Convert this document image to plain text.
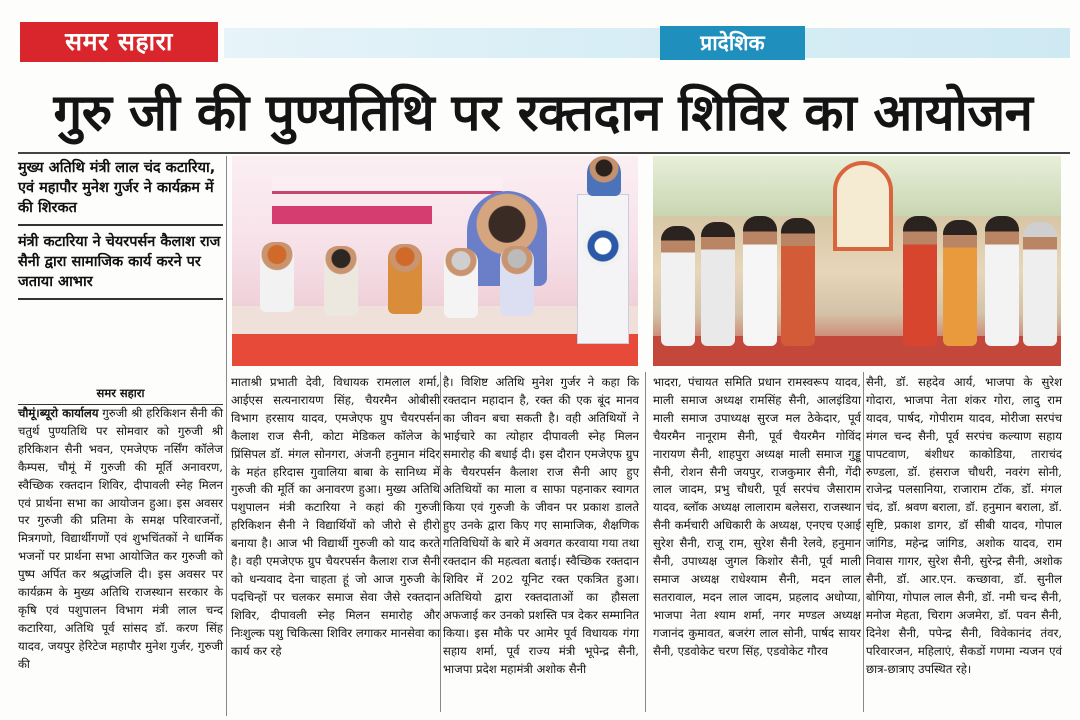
समर सहारा	प्रादेशिक
गुरु जी की पुण्यतिथि पर रक्तदान शिविर का आयोजन
मुख्य अतिथि मंत्री लाल चंद कटारिया, एवं महापौर मुनेश गुर्जर ने कार्यक्रम में की शिरकत
मंत्री कटारिया ने चेयरपर्सन कैलाश राज सैनी द्वारा सामाजिक कार्य करने पर जताया आभार
समर सहारा
चौमूं।ब्यूरो कार्यालय गुरुजी श्री हरिकिशन सैनी की चतुर्थ पुण्यतिथि पर सोमवार को गुरुजी श्री हरिकिशन सैनी भवन, एमजेएफ नर्सिंग कॉलेज कैम्पस, चौमूं में गुरुजी की मूर्ति अनावरण, स्वैच्छिक रक्तदान शिविर, दीपावली स्नेह मिलन एवं प्रार्थना सभा का आयोजन हुआ। इस अवसर पर गुरुजी की प्रतिमा के समक्ष परिवारजनों, मित्रगणो, विद्यार्थीगणों एवं शुभचिंतकों ने धार्मिक भजनों पर प्रार्थना सभा आयोजित कर गुरुजी को पुष्प अर्पित कर श्रद्धांजलि दी। इस अवसर पर कार्यक्रम के मुख्य अतिथि राजस्थान सरकार के कृषि एवं पशुपालन विभाग मंत्री लाल चन्द कटारिया, अतिथि पूर्व सांसद डॉ. करण सिंह यादव, जयपुर हेरिटेज महापौर मुनेश गुर्जर, गुरुजी की
माताश्री प्रभाती देवी, विधायक रामलाल शर्मा, आईएस सत्यनारायण सिंह, चैयरमैन ओबीसी विभाग हरसाय यादव, एमजेएफ ग्रुप चैयरपर्सन कैलाश राज सैनी, कोटा मेडिकल कॉलेज के प्रिंसिपल डॉ. मंगल सोनगरा, अंजनी हनुमान मंदिर के महंत हरिदास गुवालिया बाबा के सानिध्य में गुरुजी की मूर्ति का अनावरण हुआ। मुख्य अतिथि पशुपालन मंत्री कटारिया ने कहां की गुरुजी हरिकिशन सैनी ने विद्यार्थियों को जीरो से हीरो बनाया है। आज भी विद्यार्थी गुरुजी को याद करते है। वही एमजेएफ ग्रुप चैयरपर्सन कैलाश राज सैनी को धन्यवाद देना चाहता हूं जो आज गुरुजी के पदचिन्हों पर चलकर समाज सेवा जैसे रक्तदान शिविर, दीपावली स्नेह मिलन समारोह और निःशुल्क पशु चिकित्सा शिविर लगाकर मानसेवा का कार्य कर रहे
है। विशिष्ट अतिथि मुनेश गुर्जर ने कहा कि रक्तदान महादान है, रक्त की एक बूंद मानव का जीवन बचा सकती है। वही अतिथियों ने भाईचारे का त्योहार दीपावली स्नेह मिलन समारोह की बधाई दी। इस दौरान एमजेएफ ग्रुप के चैयरपर्सन कैलाश राज सैनी आए हुए अतिथियों का माला व साफा पहनाकर स्वागत किया एवं गुरुजी के जीवन पर प्रकाश डालते हुए उनके द्वारा किए गए सामाजिक, शैक्षणिक गतिविधियों के बारे में अवगत करवाया गया तथा रक्तदान की महत्वता बताई। स्वैच्छिक रक्तदान शिविर में 202 यूनिट रक्त एकत्रित हुआ। अतिथियो द्वारा रक्तदाताओं का हौसला अफजाई कर उनको प्रशस्ति पत्र देकर सम्मानित किया। इस मौके पर आमेर पूर्व विधायक गंगा सहाय शर्मा, पूर्व राज्य मंत्री भूपेन्द्र सैनी, भाजपा प्रदेश महामंत्री अशोक सैनी
भादरा, पंचायत समिति प्रधान रामस्वरूप यादव, माली समाज अध्यक्ष रामसिंह सैनी, आलइंडिया माली समाज उपाध्यक्ष सुरज मल ठेकेदार, पूर्व चैयरमैन नानूराम सैनी, पूर्व चैयरमैन गोविंद नारायण सैनी, शाहपुरा अध्यक्ष माली समाज गुड्डू सैनी, रोशन सैनी जयपुर, राजकुमार सैनी, गेंदी लाल जादम, प्रभु चौधरी, पूर्व सरपंच जैसाराम यादव, ब्लॉक अध्यक्ष लालाराम बलेसरा, राजस्थान सैनी कर्मचारी अधिकारी के अध्यक्ष, एनएच एआई सुरेश सैनी, राजू राम, सुरेश सैनी रेलवे, हनुमान सैनी, उपाध्यक्ष जुगल किशोर सैनी, पूर्व माली समाज अध्यक्ष राधेश्याम सैनी, मदन लाल सतरावाल, मदन लाल जादम, प्रहलाद अधोप्या, भाजपा नेता श्याम शर्मा, नगर मण्डल अध्यक्ष गजानंद कुमावत, बजरंग लाल सोनी, पार्षद सायर सैनी, एडवोकेट चरण सिंह, एडवोकेट गौरव
सैनी, डॉ. सहदेव आर्य, भाजपा के सुरेश गोदारा, भाजपा नेता शंकर गोरा, लादु राम यादव, पार्षद, गोपीराम यादव, मोरीजा सरपंच मंगल चन्द सैनी, पूर्व सरपंच कल्याण सहाय पापटवाण, बंशीधर काकोडिया, ताराचंद रुण्डला, डॉ. हंसराज चौधरी, नवरंग सोनी, राजेन्द्र पलसानिया, राजाराम टॉक, डॉ. मंगल चंद, डॉ. श्रवण बराला, डॉ. हनुमान बराला, डॉ. सृष्टि, प्रकाश डागर, डॉ सीबी यादव, गोपाल जांगिड, महेन्द्र जांगिड, अशोक यादव, राम निवास गागर, सुरेश सैनी, सुरेन्द्र सैनी, अशोक सैनी, डॉ. आर.एन. कच्छावा, डॉ. सुनील बोगिया, गोपाल लाल सैनी, डॉ. नमी चन्द सैनी, मनोज मेहता, चिराग अजमेरा, डॉ. पवन सैनी, दिनेश सैनी, पपेन्द्र सैनी, विवेकानंद तंवर, परिवारजन, महिलाएं, सैकडों गणमा न्यजन एवं छात्र-छात्राए उपस्थित रहे।
